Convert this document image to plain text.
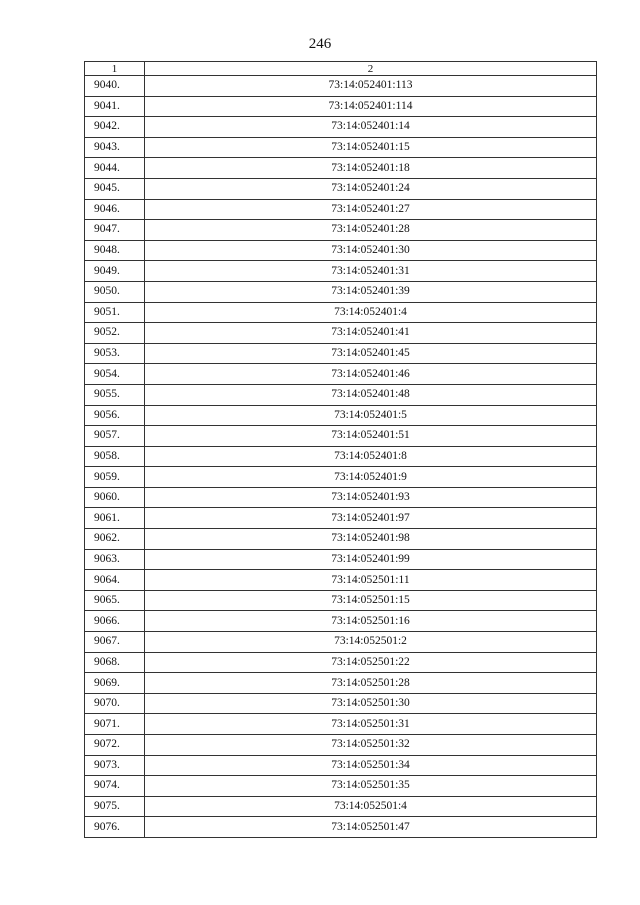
246
1	2
9040.	73:14:052401:113
9041.	73:14:052401:114
9042.	73:14:052401:14
9043.	73:14:052401:15
9044.	73:14:052401:18
9045.	73:14:052401:24
9046.	73:14:052401:27
9047.	73:14:052401:28
9048.	73:14:052401:30
9049.	73:14:052401:31
9050.	73:14:052401:39
9051.	73:14:052401:4
9052.	73:14:052401:41
9053.	73:14:052401:45
9054.	73:14:052401:46
9055.	73:14:052401:48
9056.	73:14:052401:5
9057.	73:14:052401:51
9058.	73:14:052401:8
9059.	73:14:052401:9
9060.	73:14:052401:93
9061.	73:14:052401:97
9062.	73:14:052401:98
9063.	73:14:052401:99
9064.	73:14:052501:11
9065.	73:14:052501:15
9066.	73:14:052501:16
9067.	73:14:052501:2
9068.	73:14:052501:22
9069.	73:14:052501:28
9070.	73:14:052501:30
9071.	73:14:052501:31
9072.	73:14:052501:32
9073.	73:14:052501:34
9074.	73:14:052501:35
9075.	73:14:052501:4
9076.	73:14:052501:47
